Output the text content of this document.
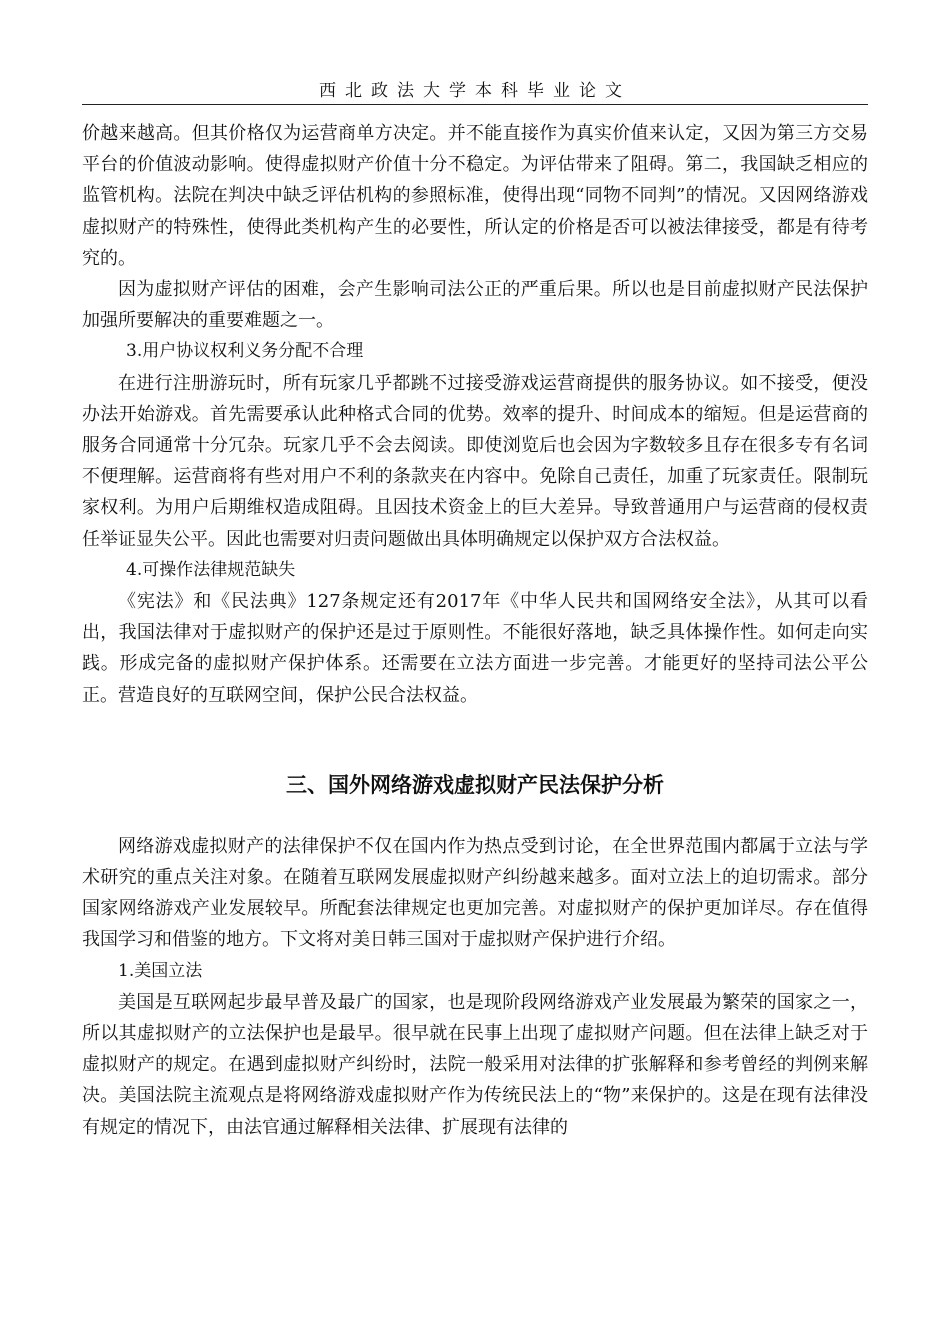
西北政法大学本科毕业论文

价越来越高。但其价格仅为运营商单方决定。并不能直接作为真实价值来认定，又因为第三方交易平台的价值波动影响。使得虚拟财产价值十分不稳定。为评估带来了阻碍。第二，我国缺乏相应的监管机构。法院在判决中缺乏评估机构的参照标准，使得出现“同物不同判”的情况。又因网络游戏虚拟财产的特殊性，使得此类机构产生的必要性，所认定的价格是否可以被法律接受，都是有待考究的。

因为虚拟财产评估的困难，会产生影响司法公正的严重后果。所以也是目前虚拟财产民法保护加强所要解决的重要难题之一。

3.用户协议权利义务分配不合理

在进行注册游玩时，所有玩家几乎都跳不过接受游戏运营商提供的服务协议。如不接受，便没办法开始游戏。首先需要承认此种格式合同的优势。效率的提升、时间成本的缩短。但是运营商的服务合同通常十分冗杂。玩家几乎不会去阅读。即使浏览后也会因为字数较多且存在很多专有名词不便理解。运营商将有些对用户不利的条款夹在内容中。免除自己责任，加重了玩家责任。限制玩家权利。为用户后期维权造成阻碍。且因技术资金上的巨大差异。导致普通用户与运营商的侵权责任举证显失公平。因此也需要对归责问题做出具体明确规定以保护双方合法权益。

4.可操作法律规范缺失

《宪法》和《民法典》127条规定还有2017年《中华人民共和国网络安全法》，从其可以看出，我国法律对于虚拟财产的保护还是过于原则性。不能很好落地，缺乏具体操作性。如何走向实践。形成完备的虚拟财产保护体系。还需要在立法方面进一步完善。才能更好的坚持司法公平公正。营造良好的互联网空间，保护公民合法权益。

三、国外网络游戏虚拟财产民法保护分析

网络游戏虚拟财产的法律保护不仅在国内作为热点受到讨论，在全世界范围内都属于立法与学术研究的重点关注对象。在随着互联网发展虚拟财产纠纷越来越多。面对立法上的迫切需求。部分国家网络游戏产业发展较早。所配套法律规定也更加完善。对虚拟财产的保护更加详尽。存在值得我国学习和借鉴的地方。下文将对美日韩三国对于虚拟财产保护进行介绍。

1.美国立法

美国是互联网起步最早普及最广的国家，也是现阶段网络游戏产业发展最为繁荣的国家之一，所以其虚拟财产的立法保护也是最早。很早就在民事上出现了虚拟财产问题。但在法律上缺乏对于虚拟财产的规定。在遇到虚拟财产纠纷时，法院一般采用对法律的扩张解释和参考曾经的判例来解决。美国法院主流观点是将网络游戏虚拟财产作为传统民法上的“物”来保护的。这是在现有法律没有规定的情况下，由法官通过解释相关法律、扩展现有法律的
